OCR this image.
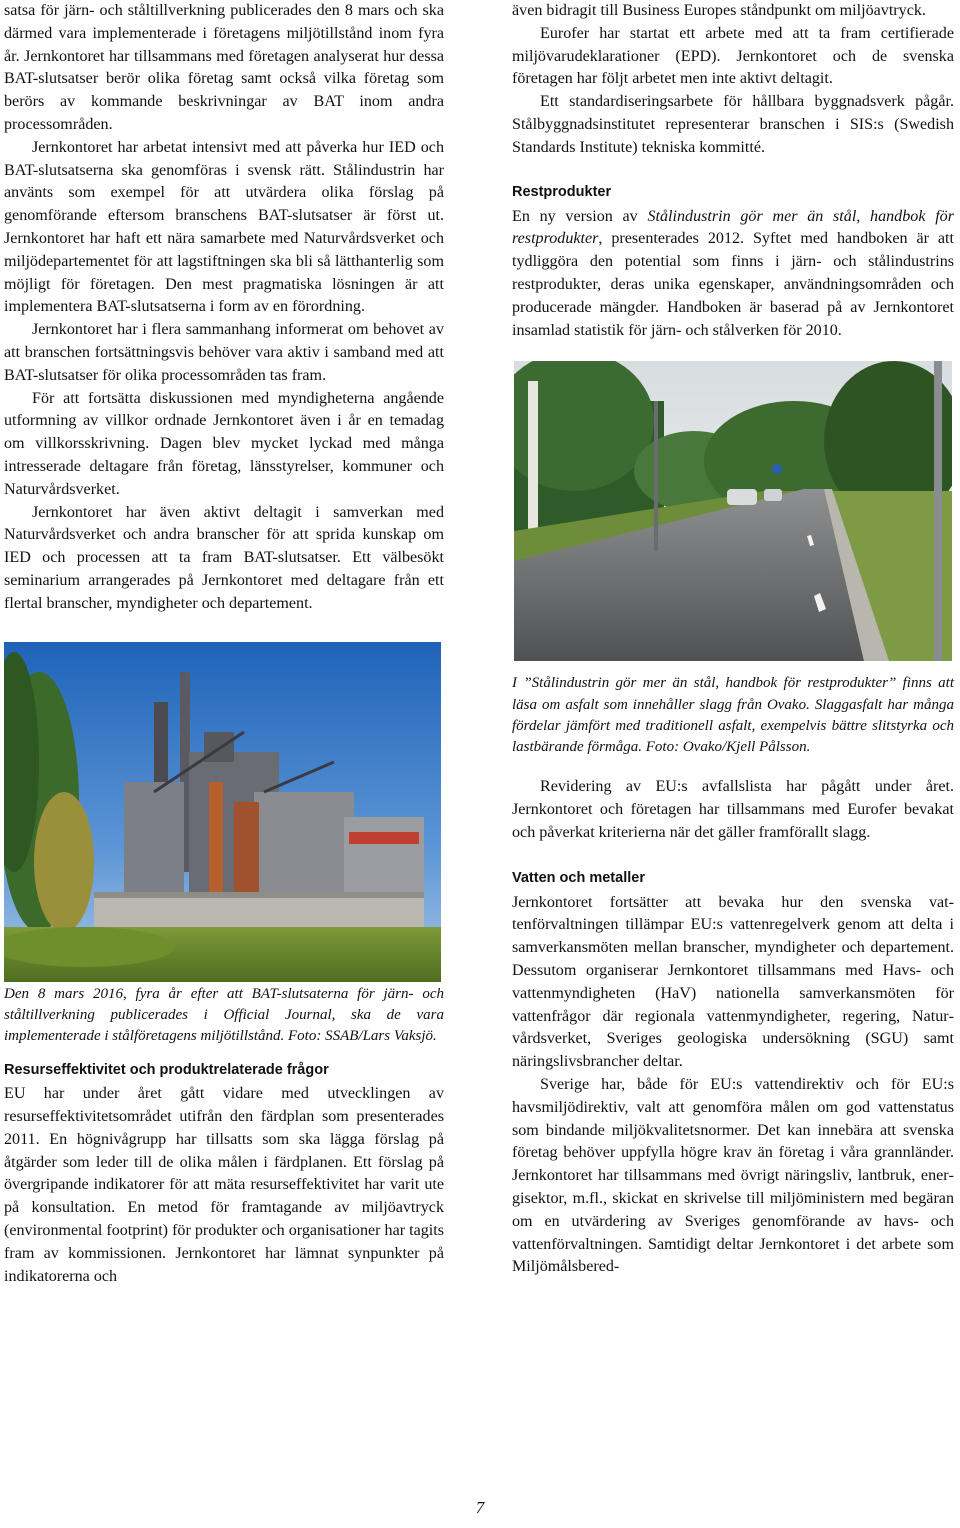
satsa för järn- och ståltillverkning publicerades den 8 mars och ska därmed vara implementerade i företagens miljötillstånd inom fyra år. Jernkontoret har tillsammans med företagen analyserat hur dessa BAT-slutsatser berör olika företag samt också vilka företag som berörs av kommande beskrivningar av BAT inom andra processområden.

Jernkontoret har arbetat intensivt med att påverka hur IED och BAT-slutsatserna ska genomföras i svensk rätt. Stålindustrin har använts som exempel för att utvärdera olika förslag på genomförande eftersom branschens BAT-slutsatser är först ut. Jernkontoret har haft ett nära samarbete med Naturvårdsverket och miljödepartementet för att lagstiftningen ska bli så lätthanterlig som möjligt för företagen. Den mest pragmatiska lösningen är att implementera BAT-slutsatserna i form av en förordning.

Jernkontoret har i flera sammanhang informerat om behovet av att branschen fortsättningsvis behöver vara aktiv i samband med att BAT-slutsatser för olika processområden tas fram.

För att fortsätta diskussionen med myndigheterna angående utformning av villkor ordnade Jernkontoret även i år en temadag om villkorsskrivning. Dagen blev mycket lyckad med många intresserade deltagare från företag, länsstyrelser, kommuner och Naturvårdsverket.

Jernkontoret har även aktivt deltagit i samverkan med Naturvårdsverket och andra branscher för att sprida kunskap om IED och processen att ta fram BAT-slutsatser. Ett välbesökt seminarium arrangerades på Jernkontoret med deltagare från ett flertal branscher, myndigheter och departement.

Den 8 mars 2016, fyra år efter att BAT-slutsaterna för järn- och ståltillverkning publicerades i Official Journal, ska de vara implementerade i stålföretagens miljötillstånd. Foto: SSAB/Lars Vaksjö.

Resurseffektivitet och produktrelaterade frågor

EU har under året gått vidare med utvecklingen av resurseffektivitetsområdet utifrån den färdplan som presenterades 2011. En högnivågrupp har tillsatts som ska lägga förslag på åtgärder som leder till de olika målen i färdplanen. Ett förslag på övergripande indikatorer för att mäta resurseffektivitet har varit ute på konsultation. En metod för framtagande av miljöavtryck (environmental footprint) för produkter och organisationer har tagits fram av kommissionen. Jernkontoret har lämnat synpunkter på indikatorerna och

även bidragit till Business Europes ståndpunkt om miljöavtryck.

Eurofer har startat ett arbete med att ta fram certifierade miljövarudeklarationer (EPD). Jernkontoret och de svenska företagen har följt arbetet men inte aktivt deltagit.

Ett standardiseringsarbete för hållbara byggnadsverk pågår. Stålbyggnadsinstitutet representerar branschen i SIS:s (Swedish Standards Institute) tekniska kommitté.

Restprodukter

En ny version av Stålindustrin gör mer än stål, handbok för restprodukter, presenterades 2012. Syftet med handboken är att tydliggöra den potential som finns i järn- och stålindustrins restprodukter, deras unika egenskaper, användningsområden och producerade mängder. Handboken är baserad på av Jernkontoret insamlad statistik för järn- och stålverken för 2010.

I ”Stålindustrin gör mer än stål, handbok för restprodukter” finns att läsa om asfalt som innehåller slagg från Ovako. Slaggasfalt har många fördelar jämfört med traditionell asfalt, exempelvis bättre slitstyrka och lastbärande förmåga. Foto: Ovako/Kjell Pålsson.

Revidering av EU:s avfallslista har pågått under året. Jernkontoret och företagen har tillsammans med Eurofer bevakat och påverkat kriterierna när det gäller framförallt slagg.

Vatten och metaller

Jernkontoret fortsätter att bevaka hur den svenska vattenförvaltningen tillämpar EU:s vattenregelverk genom att delta i samverkansmöten mellan branscher, myndigheter och departement. Dessutom organiserar Jernkontoret tillsammans med Havs- och vattenmyndigheten (HaV) nationella samverkansmöten för vattenfrågor där regionala vattenmyndigheter, regering, Naturvårdsverket, Sveriges geologiska undersökning (SGU) samt näringslivsbrancher deltar.

Sverige har, både för EU:s vattendirektiv och för EU:s havsmiljödirektiv, valt att genomföra målen om god vattenstatus som bindande miljökvalitetsnormer. Det kan innebära att svenska företag behöver uppfylla högre krav än företag i våra grannländer. Jernkontoret har tillsammans med övrigt näringsliv, lantbruk, energisektor, m.fl., skickat en skrivelse till miljöministern med begäran om en utvärdering av Sveriges genomförande av havs- och vattenförvaltningen. Samtidigt deltar Jernkontoret i det arbete som Miljömålsbered-

7
